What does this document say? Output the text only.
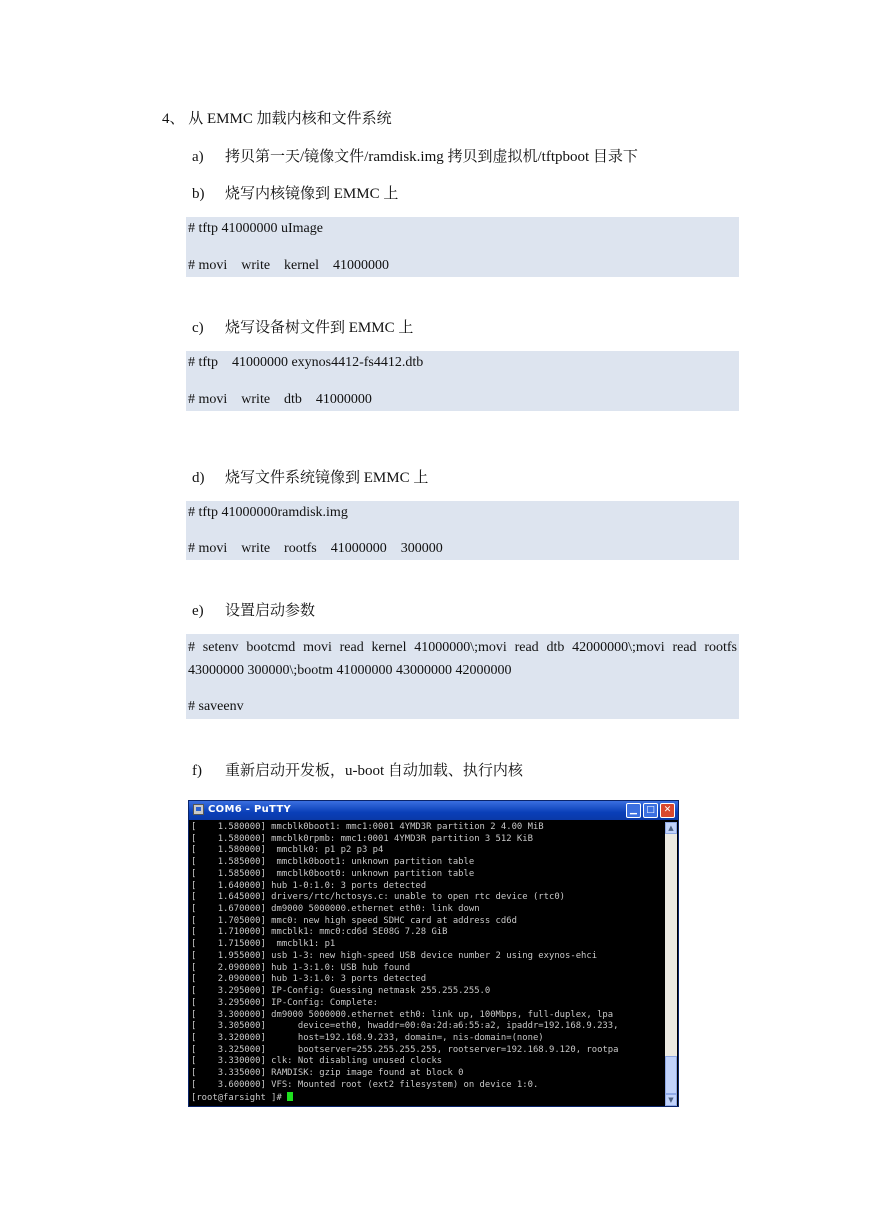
4、 从 EMMC 加载内核和文件系统
a) 拷贝第一天/镜像文件/ramdisk.img 拷贝到虚拟机/tftpboot 目录下
b) 烧写内核镜像到 EMMC 上
# tftp 41000000 uImage
# movi    write    kernel    41000000
c) 烧写设备树文件到 EMMC 上
# tftp    41000000 exynos4412-fs4412.dtb
# movi    write    dtb    41000000
d) 烧写文件系统镜像到 EMMC 上
# tftp 41000000ramdisk.img
# movi    write    rootfs    41000000    300000
e) 设置启动参数
# setenv bootcmd movi read kernel 41000000\;movi read dtb 42000000\;movi read rootfs 43000000 300000\;bootm 41000000 43000000 42000000
# saveenv
f) 重新启动开发板，u-boot 自动加载、执行内核
COM6 - PuTTY	▁	□ ✕
[    1.580000] mmcblk0boot1: mmc1:0001 4YMD3R partition 2 4.00 MiB
[    1.580000] mmcblk0rpmb: mmc1:0001 4YMD3R partition 3 512 KiB
[    1.580000]  mmcblk0: p1 p2 p3 p4
[    1.585000]  mmcblk0boot1: unknown partition table
[    1.585000]  mmcblk0boot0: unknown partition table
[    1.640000] hub 1-0:1.0: 3 ports detected
[    1.645000] drivers/rtc/hctosys.c: unable to open rtc device (rtc0)
[    1.670000] dm9000 5000000.ethernet eth0: link down
[    1.705000] mmc0: new high speed SDHC card at address cd6d
[    1.710000] mmcblk1: mmc0:cd6d SE08G 7.28 GiB
[    1.715000]  mmcblk1: p1
[    1.955000] usb 1-3: new high-speed USB device number 2 using exynos-ehci
[    2.090000] hub 1-3:1.0: USB hub found
[    2.090000] hub 1-3:1.0: 3 ports detected
[    3.295000] IP-Config: Guessing netmask 255.255.255.0
[    3.295000] IP-Config: Complete:
[    3.300000] dm9000 5000000.ethernet eth0: link up, 100Mbps, full-duplex, lpa
[    3.305000]      device=eth0, hwaddr=00:0a:2d:a6:55:a2, ipaddr=192.168.9.233,
[    3.320000]      host=192.168.9.233, domain=, nis-domain=(none)
[    3.325000]      bootserver=255.255.255.255, rootserver=192.168.9.120, rootpa
[    3.330000] clk: Not disabling unused clocks
[    3.335000] RAMDISK: gzip image found at block 0
[    3.600000] VFS: Mounted root (ext2 filesystem) on device 1:0.
[root@farsight ]#
▲
▼
